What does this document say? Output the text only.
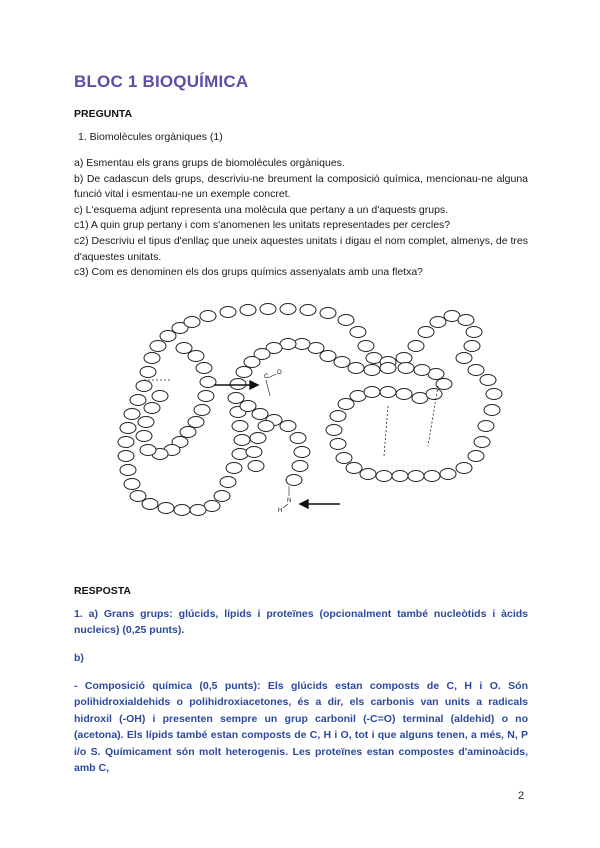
BLOC 1 BIOQUÍMICA
PREGUNTA
1. Biomolècules orgàniques (1)

a) Esmentau els grans grups de biomolècules orgàniques.

b) De cadascun dels grups, descriviu-ne breument la composició química, mencionau-ne alguna funció vital i esmentau-ne un exemple concret.

c) L'esquema adjunt representa una molècula que pertany a un d'aquests grups.

c1) A quin grup pertany i com s'anomenen les unitats representades per cercles?

c2) Descriviu el tipus d'enllaç que uneix aquestes unitats i digau el nom complet, almenys, de tres d'aquestes unitats.

c3) Com es denominen els dos grups químics assenyalats amb una fletxa?

C
O
N
H
RESPOSTA

1. a) Grans grups: glúcids, lípids i proteïnes (opcionalment també nucleòtids i àcids nucleics) (0,25 punts).

b)

- Composició química (0,5 punts): Els glúcids estan composts de C, H i O. Són polihidroxialdehids o polihidroxiacetones, és a dir, els carbonis van units a radicals hidroxil (-OH) i presenten sempre un grup carbonil (-C=O) terminal (aldehid) o no (acetona). Els lípids també estan composts de C, H i O, tot i que alguns tenen, a més, N, P i/o S. Químicament són molt heterogenis. Les proteïnes estan compostes d'aminoàcids, amb C,

2
